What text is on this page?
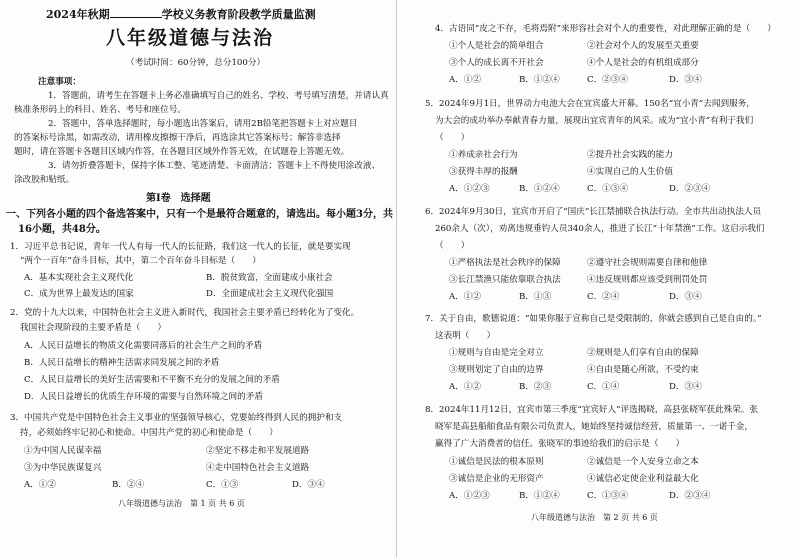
2024年秋期	学校义务教育阶段教学质量监测
八年级道德与法治
（考试时间：60分钟，总分100分）
注意事项：
1．答题前，请考生在答题卡上务必准确填写自己的姓名、学校、考号填写清楚，并请认真
核准条形码上的科目、姓名、考号和座位号。
2．答题中，答单选择题时，每小题选出答案后，请用2B铅笔把答题卡上对应题目
的答案标号涂黑，如需改动，请用橡皮擦擦干净后，再选涂其它答案标号；解答非选择
题时，请在答题卡各题目区域内作答，在各题目区域外作答无效，在试题卷上答题无效。
3．请勿折叠答题卡，保持字体工整、笔迹清楚、卡面清洁；答题卡上不得使用涂改液、
涂改胶和贴纸。
第Ⅰ卷　选择题
一、下列各小题的四个备选答案中，只有一个是最符合题意的，请选出。每小题3分，共
16小题，共48分。
1．习近平总书记说，青年一代人有每一代人的长征路，我们这一代人的长征，就是要实现
“两个一百年”奋斗目标，其中，第二个百年奋斗目标是（　　）
A．基本实现社会主义现代化	B．脱贫致富，全面建成小康社会
C．成为世界上最发达的国家	D．全面建成社会主义现代化强国
2．党的十九大以来，中国特色社会主义进入新时代，我国社会主要矛盾已经转化为了变化。
我国社会现阶段的主要矛盾是（　　）
A．人民日益增长的物质文化需要同落后的社会生产之间的矛盾
B．人民日益增长的精神生活需求同发展之间的矛盾
C．人民日益增长的美好生活需要和不平衡不充分的发展之间的矛盾
D．人民日益增长的优质生存环境的需要与自然环境之间的矛盾
3．中国共产党是中国特色社会主义事业的坚强领导核心，党要始终得到人民的拥护和支
持，必须始终牢记初心和使命。中国共产党的初心和使命是（　　）
①为中国人民谋幸福	②坚定不移走和平发展道路
③为中华民族谋复兴	④走中国特色社会主义道路
A．①②	B．②④	C．①③	D．③④
八年级道德与法治　第 1 页 共 6 页
4．古语同“皮之不存，毛将焉附”来形容社会对个人的重要性，对此理解正确的是（　　）
①个人是社会的简单组合	②社会对个人的发展至关重要
③个人的成长离不开社会	④个人是社会的有机组成部分
A．①②	B．①②④	C．②③④	D．③④
5．2024年9月1日，世界动力电池大会在宜宾盛大开幕。150名“宜小青”去闻到服务，
为大会的成功举办奉献青春力量，展现出宜宾青年的风采。成为“宜小青”有利于我们
（　　）
①养成亲社会行为	②提升社会实践的能力
③获得丰厚的报酬	④实现自己的人生价值
A．①②③	B．①②④	C．①③④	D．②③④
6．2024年9月30日，宜宾市开启了“国庆”长江禁捕联合执法行动。全市共出动执法人员
260余人（次），劝离违规垂钓人员340余人，推进了长江“十年禁渔”工作。这启示我们
（　　）
①严格执法是社会秩序的保障	②遵守社会规则需要自律和他律
③长江禁渔只能依靠联合执法	④违反规则都应该受到刑罚处罚
A．①②	B．①③	C．②④	D．③④
7．关于自由，歌德说道：“如果你服于宣称自己是受限制的，你就会感到自己是自由的。”
这表明（　　）
①规则与自由是完全对立	②规则是人们享有自由的保障
③规则划定了自由的边界	④自由是随心所欲，不受约束
A．①②	B．②③	C．①④	D．③④
8．2024年11月12日，宜宾市第三季度“宜宾好人”评选揭晓，高县张晓军获此殊荣。张
晓军是高县船舶食品有限公司负责人，她始终坚持诚信经营，质量第一、一诺千金，
赢得了广大消费者的信任。张晓军的事迹给我们的启示是（　　）
①诚信是民法的根本原则	②诚信是一个人安身立命之本
③诚信是企业的无形资产	④诚信必定使企业利益最大化
A．①②③	B．①②④	C．①③④	D．②③④
八年级道德与法治　第 2 页 共 6 页
